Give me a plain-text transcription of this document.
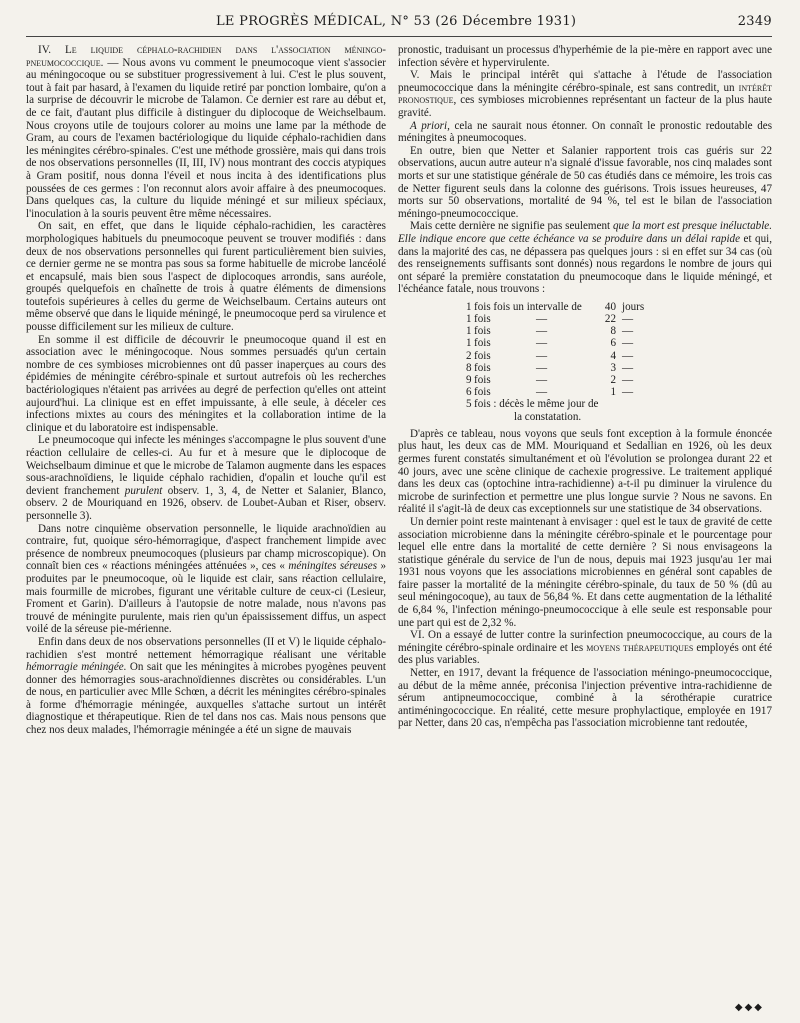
LE PROGRÈS MÉDICAL, N° 53 (26 Décembre 1931)	2349

IV. Le liquide céphalo-rachidien dans l'association méningo-pneumococcique. — Nous avons vu comment le pneumocoque vient s'associer au méningocoque ou se substituer progressivement à lui. C'est le plus souvent, tout à fait par hasard, à l'examen du liquide retiré par ponction lombaire, qu'on a la surprise de découvrir le microbe de Talamon. Ce dernier est rare au début et, de ce fait, d'autant plus difficile à distinguer du diplocoque de Weichselbaum. Nous croyons utile de toujours colorer au moins une lame par la méthode de Gram, au cours de l'examen bactériologique du liquide céphalo-rachidien dans les méningites cérébro-spinales. C'est une méthode grossière, mais qui dans trois de nos observations personnelles (II, III, IV) nous montrant des coccis atypiques à Gram positif, nous donna l'éveil et nous incita à des identifications plus poussées de ces germes : l'on reconnut alors avoir affaire à des pneumocoques. Dans quelques cas, la culture du liquide méningé et sur milieux spéciaux, l'inoculation à la souris peuvent être même nécessaires.

On sait, en effet, que dans le liquide céphalo-rachidien, les caractères morphologiques habituels du pneumocoque peuvent se trouver modifiés : dans deux de nos observations personnelles qui furent particulièrement bien suivies, ce dernier germe ne se montra pas sous sa forme habituelle de microbe lancéolé et encapsulé, mais bien sous l'aspect de diplocoques arrondis, sans auréole, groupés quelquefois en chaînette de trois à quatre éléments de dimensions toutefois supérieures à celles du germe de Weichselbaum. Certains auteurs ont même observé que dans le liquide méningé, le pneumocoque perd sa virulence et pousse difficilement sur les milieux de culture.

En somme il est difficile de découvrir le pneumocoque quand il est en association avec le méningocoque. Nous sommes persuadés qu'un certain nombre de ces symbioses microbiennes ont dû passer inaperçues au cours des épidémies de méningite cérébro-spinale et surtout autrefois où les recherches bactériologiques n'étaient pas arrivées au degré de perfection qu'elles ont atteint aujourd'hui. La clinique est en effet impuissante, à elle seule, à déceler ces infections mixtes au cours des méningites et la collaboration intime de la clinique et du laboratoire est indispensable.

Le pneumocoque qui infecte les méninges s'accompagne le plus souvent d'une réaction cellulaire de celles-ci. Au fur et à mesure que le diplocoque de Weichselbaum diminue et que le microbe de Talamon augmente dans les espaces sous-arachnoïdiens, le liquide céphalo rachidien, d'opalin et louche qu'il est devient franchement purulent observ. 1, 3, 4, de Netter et Salanier, Blanco, observ. 2 de Mouriquand en 1926, observ. de Loubet-Auban et Riser, observ. personnelle 3).

Dans notre cinquième observation personnelle, le liquide arachnoïdien au contraire, fut, quoique séro-hémorragique, d'aspect franchement limpide avec présence de nombreux pneumocoques (plusieurs par champ microscopique). On connaît bien ces « réactions méningées atténuées », ces « méningites séreuses » produites par le pneumocoque, où le liquide est clair, sans réaction cellulaire, mais fourmille de microbes, figurant une véritable culture de ceux-ci (Lesieur, Froment et Garin). D'ailleurs à l'autopsie de notre malade, nous n'avons pas trouvé de méningite purulente, mais rien qu'un épaississement diffus, un aspect voilé de la séreuse pie-mérienne.

Enfin dans deux de nos observations personnelles (II et V) le liquide céphalo-rachidien s'est montré nettement hémorragique réalisant une véritable hémorragie méningée. On sait que les méningites à microbes pyogènes peuvent donner des hémorragies sous-arachnoïdiennes discrètes ou considérables. L'un de nous, en particulier avec Mlle Schœn, a décrit les méningites cérébro-spinales à forme d'hémorragie méningée, auxquelles s'attache surtout un intérêt diagnostique et thérapeutique. Rien de tel dans nos cas. Mais nous pensons que chez nos deux malades, l'hémorragie méningée a été un signe de mauvais

pronostic, traduisant un processus d'hyperhémie de la pie-mère en rapport avec une infection sévère et hypervirulente.

V. Mais le principal intérêt qui s'attache à l'étude de l'association pneumococcique dans la méningite cérébro-spinale, est sans contredit, un intérêt pronostique, ces symbioses microbiennes représentant un facteur de la plus haute gravité.

A priori, cela ne saurait nous étonner. On connaît le pronostic redoutable des méningites à pneumocoques.

En outre, bien que Netter et Salanier rapportent trois cas guéris sur 22 observations, aucun autre auteur n'a signalé d'issue favorable, nos cinq malades sont morts et sur une statistique générale de 50 cas étudiés dans ce mémoire, les trois cas de Netter figurent seuls dans la colonne des guérisons. Trois issues heureuses, 47 morts sur 50 observations, mortalité de 94 %, tel est le bilan de l'association méningo-pneumococcique.

Mais cette dernière ne signifie pas seulement que la mort est presque inéluctable. Elle indique encore que cette échéance va se produire dans un délai rapide et qui, dans la majorité des cas, ne dépassera pas quelques jours : si en effet sur 34 cas (où des renseignements suffisants sont donnés) nous regardons le nombre de jours qui ont séparé la première constatation du pneumocoque dans le liquide méningé, et l'échéance fatale, nous trouvons :

1 fois fois un intervalle de	40 jours
1 fois	—	22 —
1 fois	—	8 —
1 fois	—	6 —
2 fois	—	4 —
8 fois	—	3 —
9 fois	—	2 —
6 fois	—	1 —
5 fois : décès le même jour de
la constatation.

D'après ce tableau, nous voyons que seuls font exception à la formule énoncée plus haut, les deux cas de MM. Mouriquand et Sedallian en 1926, où les deux germes furent constatés simultanément et où l'évolution se prolongea durant 22 et 40 jours, avec une scène clinique de cachexie progressive. Le traitement appliqué dans les deux cas (optochine intra-rachidienne) a-t-il pu diminuer la virulence du microbe de surinfection et permettre une plus longue survie ? Nous ne savons. En réalité il s'agit-là de deux cas exceptionnels sur une statistique de 34 observations.

Un dernier point reste maintenant à envisager : quel est le taux de gravité de cette association microbienne dans la méningite cérébro-spinale et le pourcentage pour lequel elle entre dans la mortalité de cette dernière ? Si nous envisageons la statistique générale du service de l'un de nous, depuis mai 1923 jusqu'au 1er mai 1931 nous voyons que les associations microbiennes en général sont capables de faire passer la mortalité de la méningite cérébro-spinale, du taux de 50 % (dû au seul méningocoque), au taux de 56,84 %. Et dans cette augmentation de la léthalité de 6,84 %, l'infection méningo-pneumococcique à elle seule est responsable pour une part qui est de 2,32 %.

VI. On a essayé de lutter contre la surinfection pneumococcique, au cours de la méningite cérébro-spinale ordinaire et les moyens thérapeutiques employés ont été des plus variables.

Netter, en 1917, devant la fréquence de l'association méningo-pneumococcique, au début de la même année, préconisa l'injection préventive intra-rachidienne de sérum antipneumococcique, combiné à la sérothérapie curatrice antiméningococcique. En réalité, cette mesure prophylactique, employée en 1917 par Netter, dans 20 cas, n'empêcha pas l'association microbienne tant redoutée,

◆◆◆
